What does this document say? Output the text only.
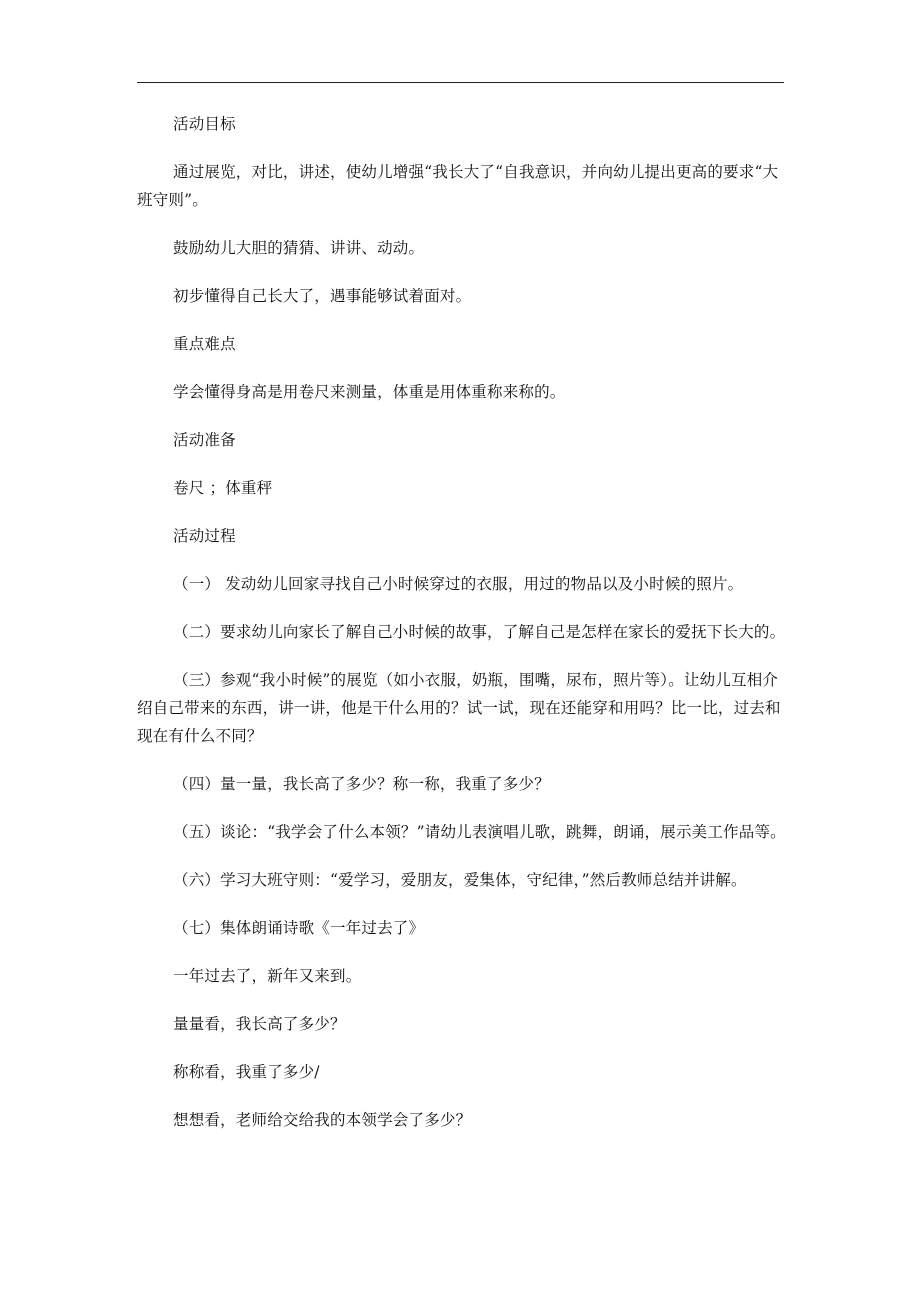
活动目标

通过展览，对比，讲述，使幼儿增强“我长大了“自我意识，并向幼儿提出更高的要求“大班守则”。

鼓励幼儿大胆的猜猜、讲讲、动动。

初步懂得自己长大了，遇事能够试着面对。

重点难点

学会懂得身高是用卷尺来测量，体重是用体重称来称的。

活动准备

卷尺 ；体重秤

活动过程

（一） 发动幼儿回家寻找自己小时候穿过的衣服，用过的物品以及小时候的照片。

（二）要求幼儿向家长了解自己小时候的故事，了解自己是怎样在家长的爱抚下长大的。

（三）参观“我小时候”的展览（如小衣服，奶瓶，围嘴，尿布，照片等）。让幼儿互相介绍自己带来的东西，讲一讲，他是干什么用的？试一试，现在还能穿和用吗？比一比，过去和现在有什么不同？

（四）量一量，我长高了多少？称一称，我重了多少？

（五）谈论：“我学会了什么本领？”请幼儿表演唱儿歌，跳舞，朗诵，展示美工作品等。

（六）学习大班守则：“爱学习，爱朋友，爱集体，守纪律，”然后教师总结并讲解。

（七）集体朗诵诗歌《一年过去了》

一年过去了，新年又来到。

量量看，我长高了多少？

称称看，我重了多少/

想想看，老师给交给我的本领学会了多少？
